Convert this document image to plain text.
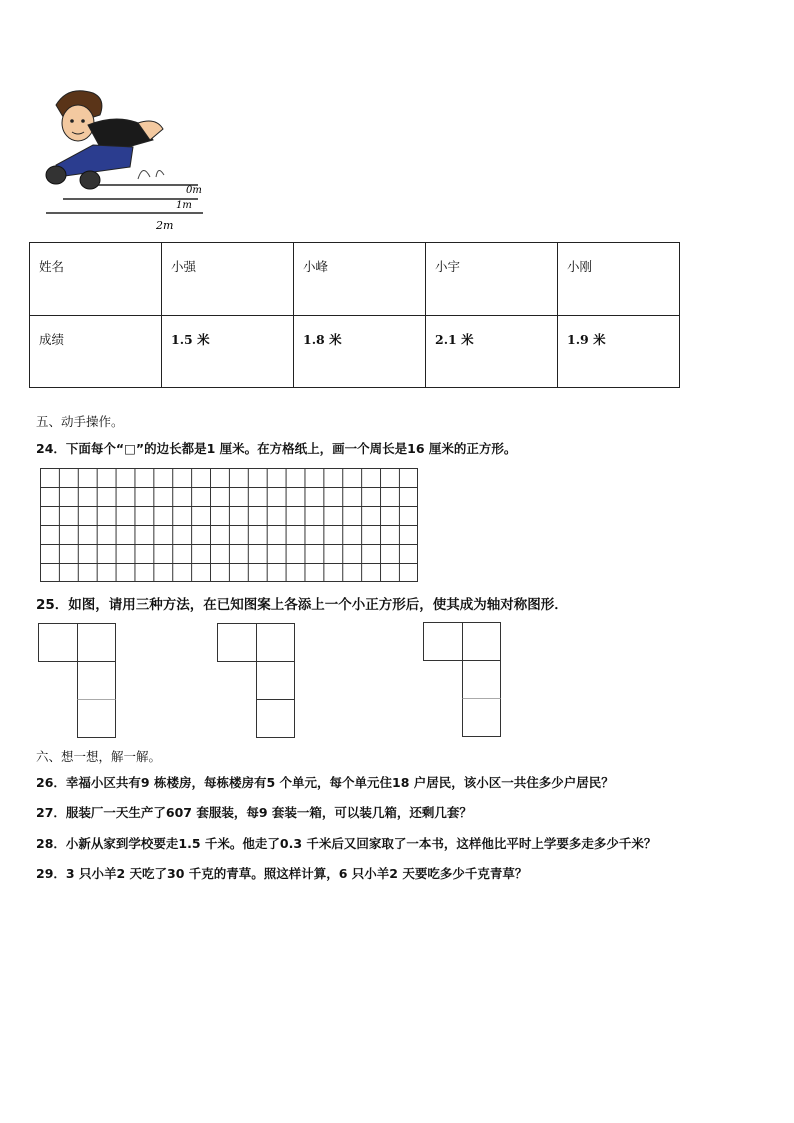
0m
1m
2m
姓名	小强	小峰	小宇	小刚
成绩	1.5 米	1.8 米	2.1 米	1.9 米
五、动手操作。
24．下面每个“□”的边长都是1 厘米。在方格纸上，画一个周长是16 厘米的正方形。
25．如图，请用三种方法，在已知图案上各添上一个小正方形后，使其成为轴对称图形．
六、想一想，解一解。
26．幸福小区共有9 栋楼房，每栋楼房有5 个单元，每个单元住18 户居民，该小区一共住多少户居民？
27．服装厂一天生产了607 套服装，每9 套装一箱，可以装几箱，还剩几套？
28．小新从家到学校要走1.5 千米。他走了0.3 千米后又回家取了一本书，这样他比平时上学要多走多少千米？
29．3 只小羊2 天吃了30 千克的青草。照这样计算，6 只小羊2 天要吃多少千克青草？
